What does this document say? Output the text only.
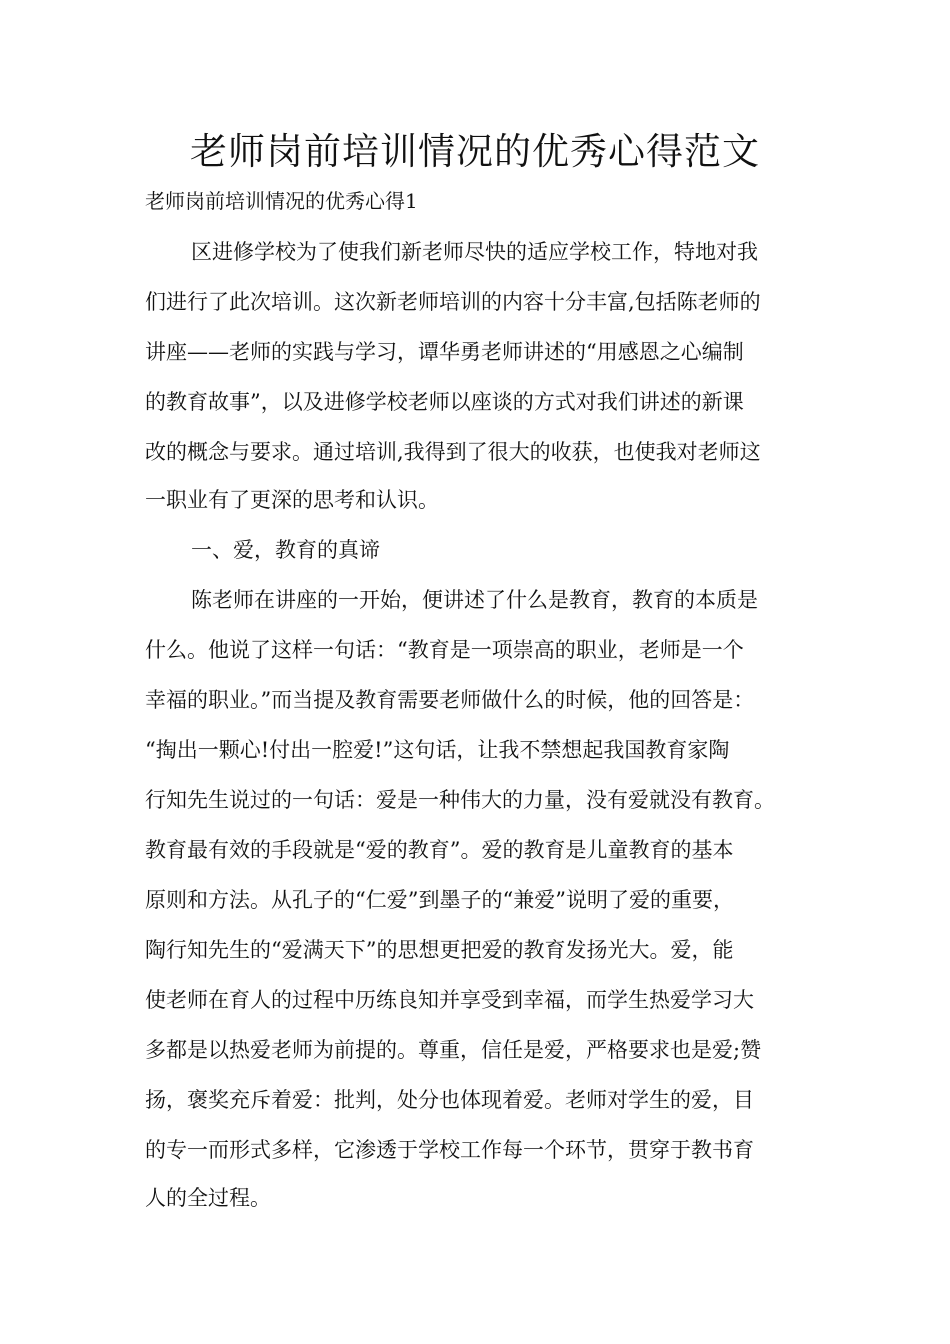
老师岗前培训情况的优秀心得范文

老师岗前培训情况的优秀心得1

区进修学校为了使我们新老师尽快的适应学校工作，特地对我

们进行了此次培训。这次新老师培训的内容十分丰富,包括陈老师的

讲座——老师的实践与学习，谭华勇老师讲述的“用感恩之心编制

的教育故事”，以及进修学校老师以座谈的方式对我们讲述的新课

改的概念与要求。通过培训,我得到了很大的收获，也使我对老师这

一职业有了更深的思考和认识。

一、爱，教育的真谛

陈老师在讲座的一开始，便讲述了什么是教育，教育的本质是

什么。他说了这样一句话：“教育是一项崇高的职业，老师是一个

幸福的职业。”而当提及教育需要老师做什么的时候，他的回答是：

“掏出一颗心!付出一腔爱!”这句话，让我不禁想起我国教育家陶

行知先生说过的一句话：爱是一种伟大的力量，没有爱就没有教育。

教育最有效的手段就是“爱的教育”。爱的教育是儿童教育的基本

原则和方法。从孔子的“仁爱”到墨子的“兼爱”说明了爱的重要，

陶行知先生的“爱满天下”的思想更把爱的教育发扬光大。爱，能

使老师在育人的过程中历练良知并享受到幸福，而学生热爱学习大

多都是以热爱老师为前提的。尊重，信任是爱，严格要求也是爱;赞

扬，褒奖充斥着爱：批判，处分也体现着爱。老师对学生的爱，目

的专一而形式多样，它渗透于学校工作每一个环节，贯穿于教书育

人的全过程。
